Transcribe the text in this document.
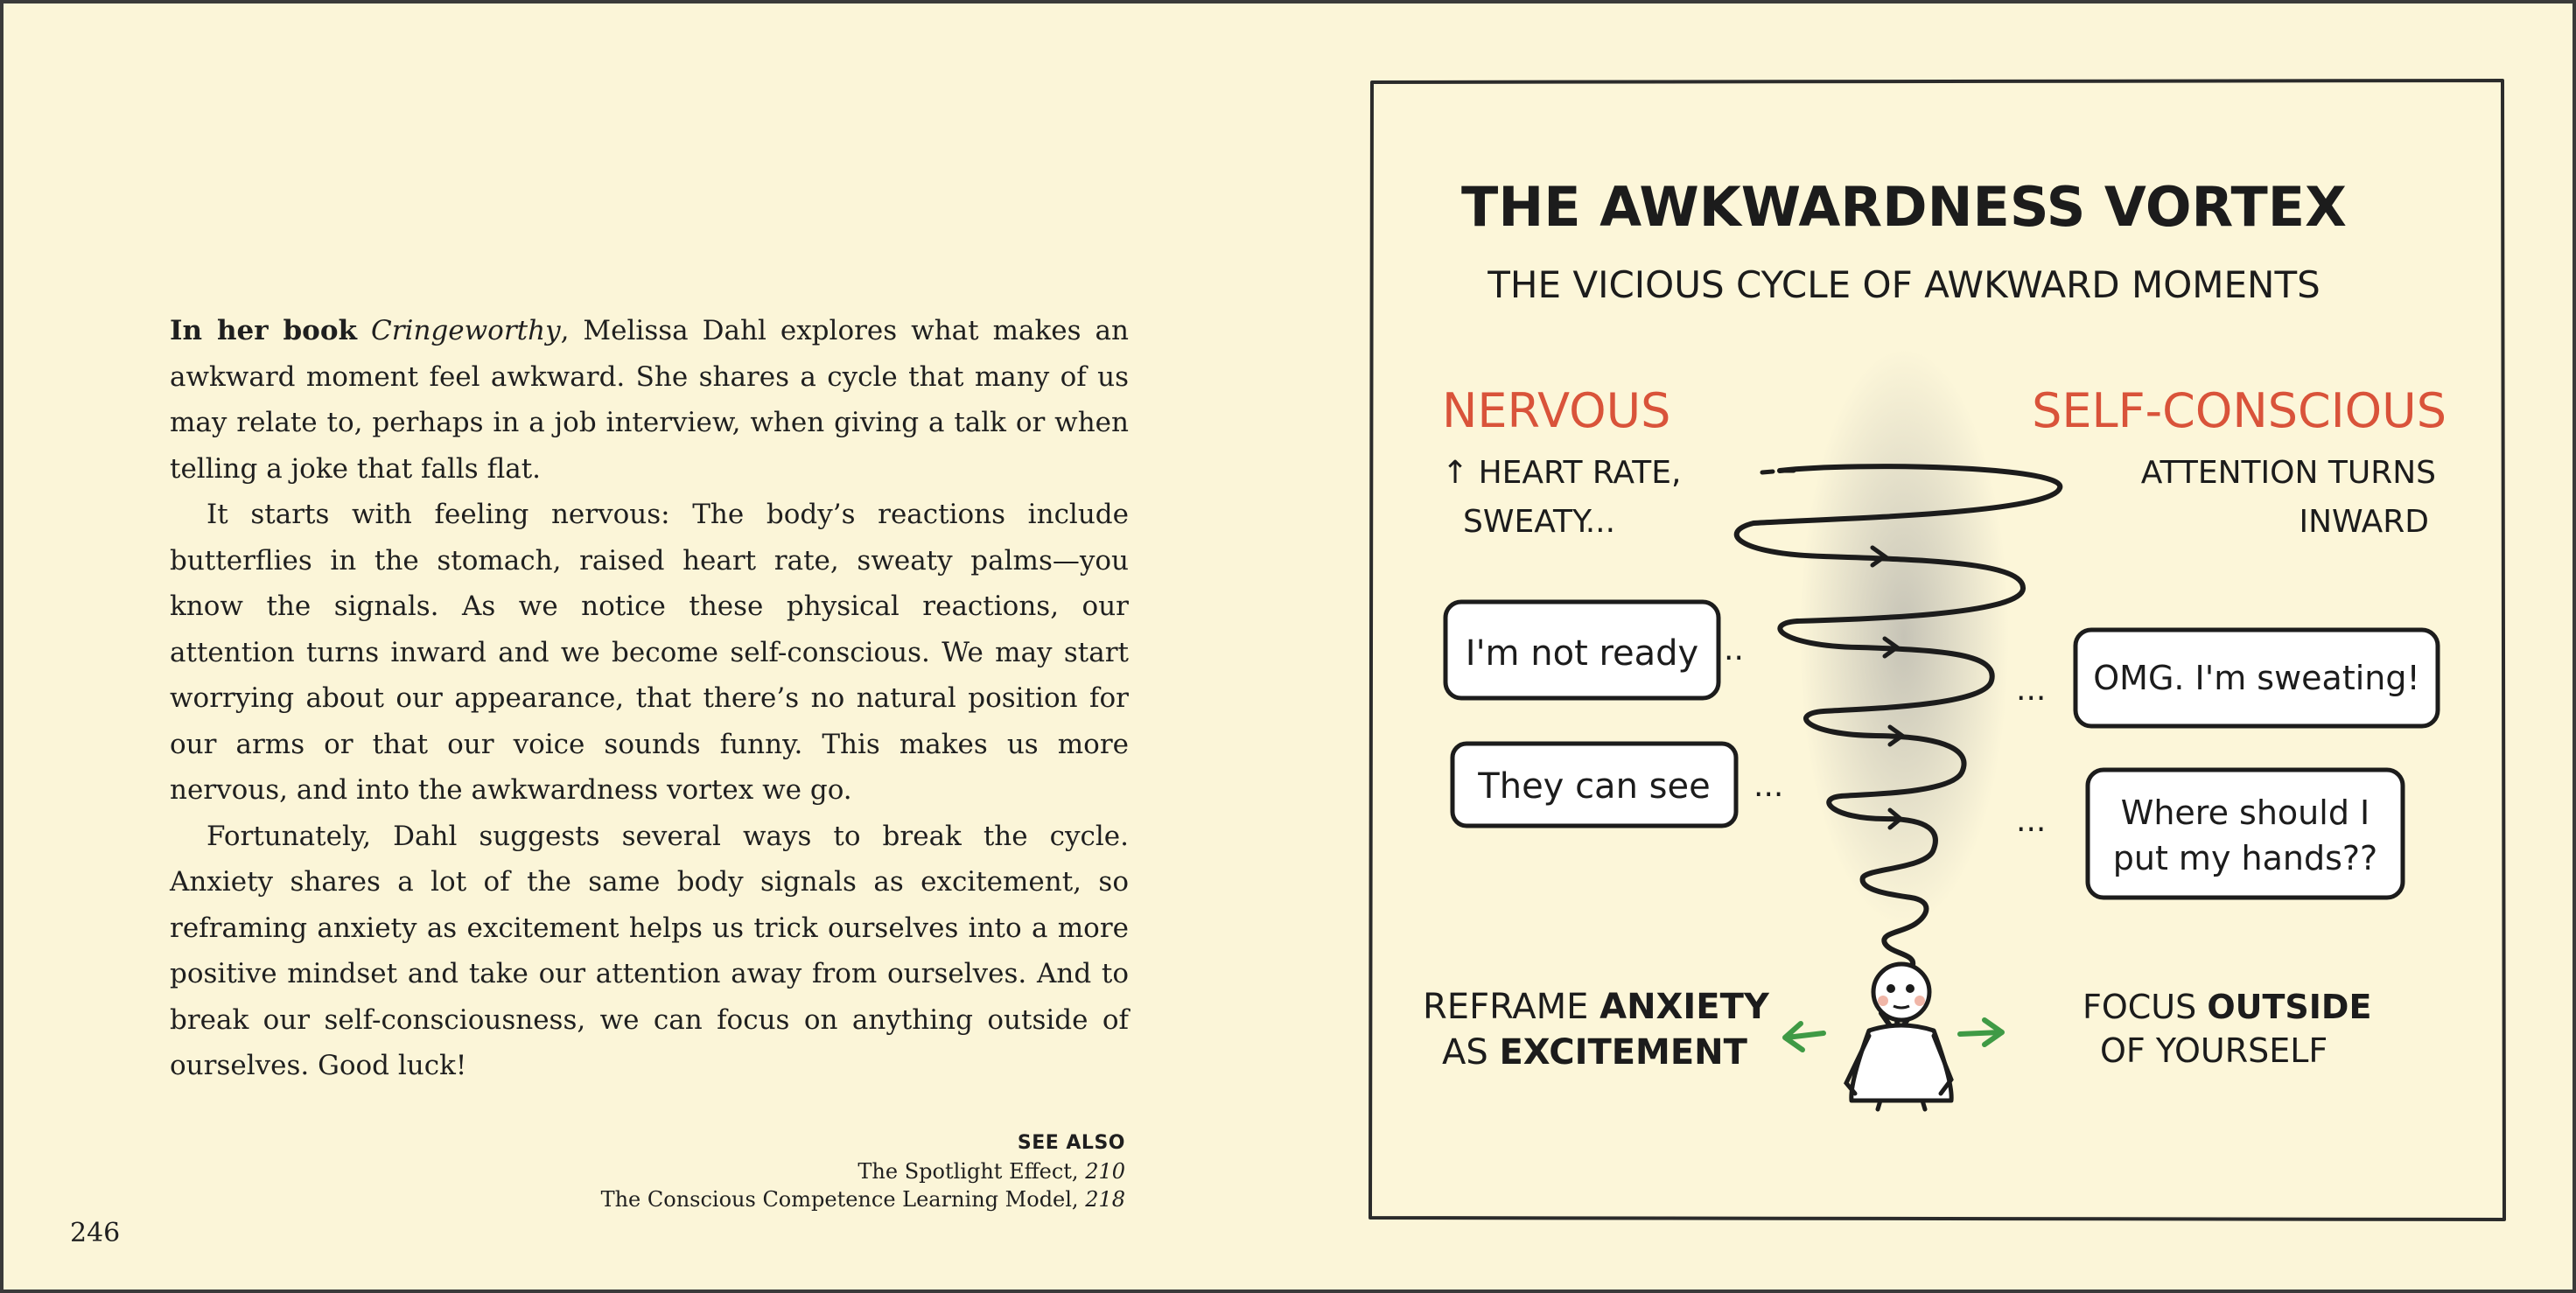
In her book Cringeworthy, Melissa Dahl explores what makes an awkward moment feel awkward. She shares a cycle that many of us may relate to, perhaps in a job interview, when giving a talk or when telling a joke that falls flat.

It starts with feeling nervous: The body’s reactions include butterflies in the stomach, raised heart rate, sweaty palms—you know the signals. As we notice these physical reactions, our attention turns inward and we become self-conscious. We may start worrying about our appearance, that there’s no natural position for our arms or that our voice sounds funny. This makes us more nervous, and into the awkwardness vortex we go.

Fortunately, Dahl suggests several ways to break the cycle. Anxiety shares a lot of the same body signals as excitement, so reframing anxiety as excitement helps us trick ourselves into a more positive mindset and take our attention away from ourselves. And to break our self-consciousness, we can focus on anything outside of ourselves. Good luck!

SEE ALSO
The Spotlight Effect, 210
The Conscious Competence Learning Model, 218
246
THE AWKWARDNESS VORTEX
THE VICIOUS CYCLE OF AWKWARD MOMENTS
NERVOUS
↑ HEART RATE,
SWEATY...
SELF-CONSCIOUS
ATTENTION TURNS
INWARD
I'm not ready ..
They can see ...
OMG. I'm sweating!
...
Where should I
put my hands??
...
REFRAME ANXIETY
AS EXCITEMENT
FOCUS OUTSIDE
OF YOURSELF
